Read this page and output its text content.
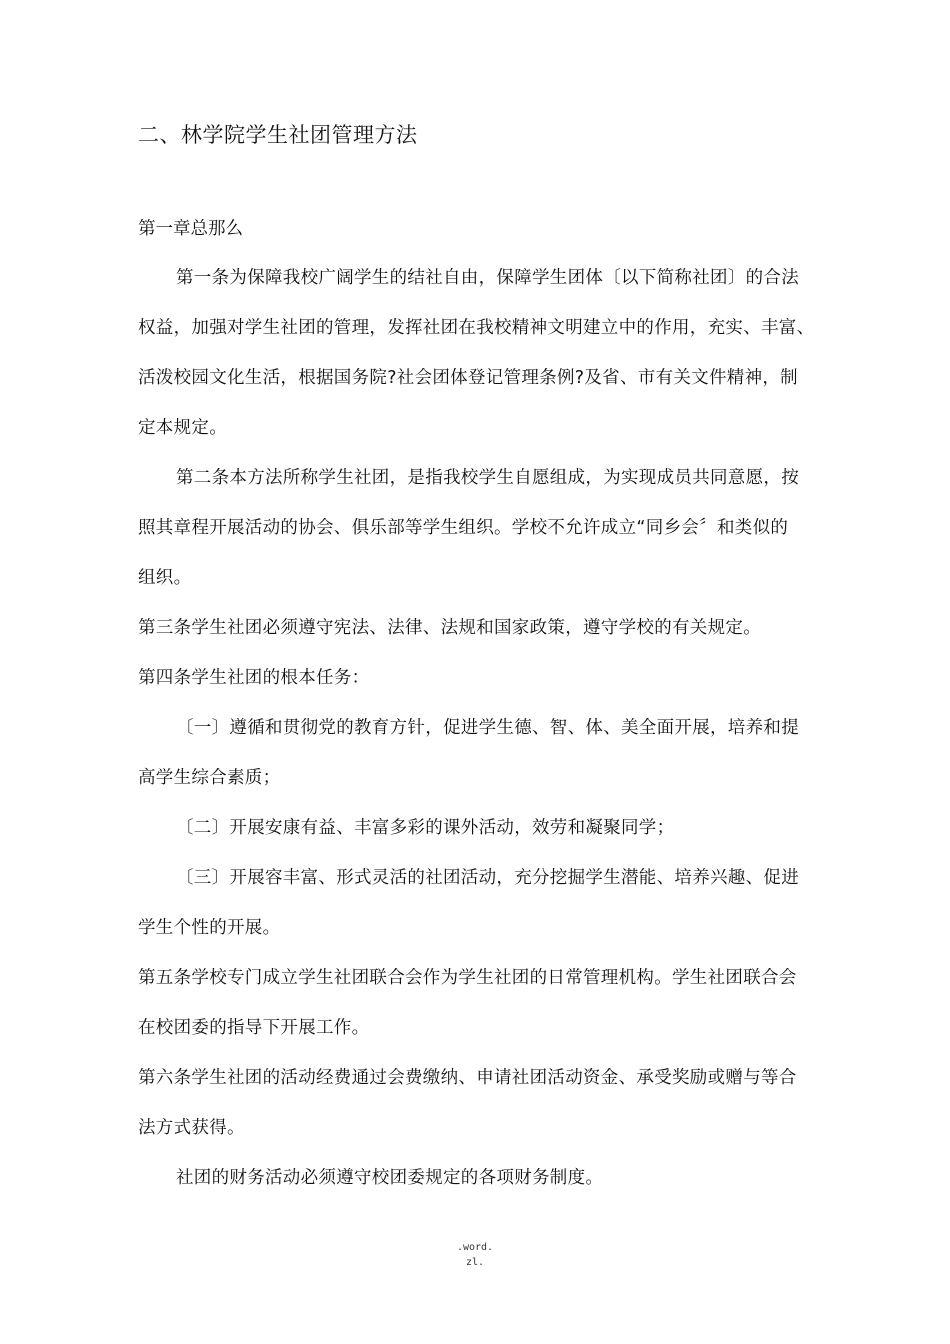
二、林学院学生社团管理方法
第一章总那么
第一条为保障我校广阔学生的结社自由，保障学生团体〔以下简称社团〕的合法
权益，加强对学生社团的管理，发挥社团在我校精神文明建立中的作用，充实、丰富、
活泼校园文化生活，根据国务院?社会团体登记管理条例?及省、市有关文件精神，制
定本规定。
第二条本方法所称学生社团，是指我校学生自愿组成，为实现成员共同意愿，按
照其章程开展活动的协会、俱乐部等学生组织。学校不允许成立“同乡会〞和类似的
组织。
第三条学生社团必须遵守宪法、法律、法规和国家政策，遵守学校的有关规定。
第四条学生社团的根本任务：
〔一〕遵循和贯彻党的教育方针，促进学生德、智、体、美全面开展，培养和提
高学生综合素质；
〔二〕开展安康有益、丰富多彩的课外活动，效劳和凝聚同学；
〔三〕开展容丰富、形式灵活的社团活动，充分挖掘学生潜能、培养兴趣、促进
学生个性的开展。
第五条学校专门成立学生社团联合会作为学生社团的日常管理机构。学生社团联合会
在校团委的指导下开展工作。
第六条学生社团的活动经费通过会费缴纳、申请社团活动资金、承受奖励或赠与等合
法方式获得。
社团的财务活动必须遵守校团委规定的各项财务制度。
.word.
zl.
